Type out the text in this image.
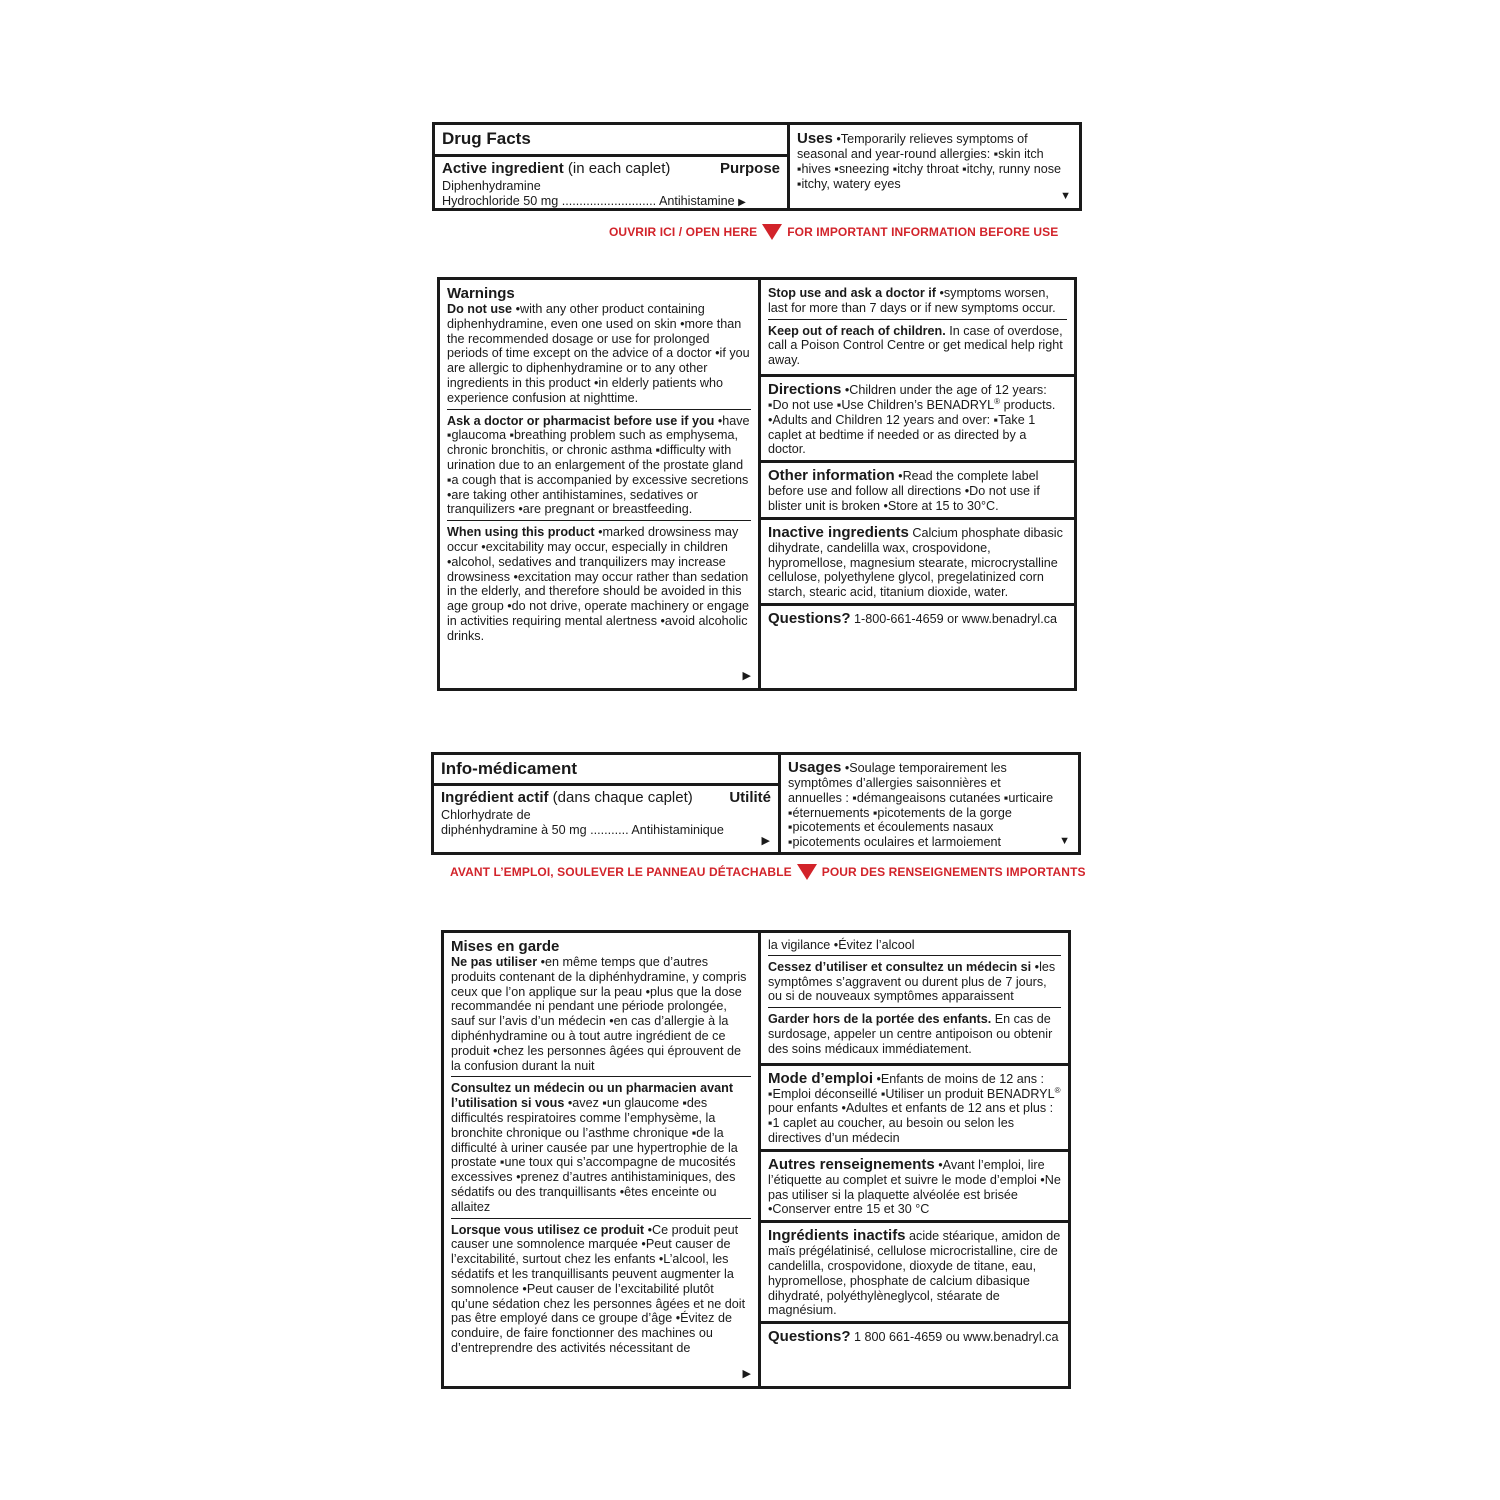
Drug Facts
Active ingredient (in each caplet)	Purpose
Diphenhydramine
Hydrochloride 50 mg ........................... Antihistamine ▶
Uses •Temporarily relieves symptoms of seasonal and year-round allergies: ▪skin itch ▪hives ▪sneezing ▪itchy throat ▪itchy, runny nose ▪itchy, watery eyes
▼
OUVRIR ICI / OPEN HERE	FOR IMPORTANT INFORMATION BEFORE USE
Warnings
Do not use •with any other product containing diphenhydramine, even one used on skin •more than the recommended dosage or use for prolonged periods of time except on the advice of a doctor •if you are allergic to diphenhydramine or to any other ingredients in this product •in elderly patients who experience confusion at nighttime.
Ask a doctor or pharmacist before use if you •have ▪glaucoma ▪breathing problem such as emphysema, chronic bronchitis, or chronic asthma ▪difficulty with urination due to an enlargement of the prostate gland ▪a cough that is accompanied by excessive secretions •are taking other antihistamines, sedatives or tranquilizers •are pregnant or breastfeeding.
When using this product •marked drowsiness may occur •excitability may occur, especially in children •alcohol, sedatives and tranquilizers may increase drowsiness •excitation may occur rather than sedation in the elderly, and therefore should be avoided in this age group •do not drive, operate machinery or engage in activities requiring mental alertness •avoid alcoholic drinks.
▶
Stop use and ask a doctor if •symptoms worsen, last for more than 7 days or if new symptoms occur.
Keep out of reach of children. In case of overdose, call a Poison Control Centre or get medical help right away.
Directions •Children under the age of 12 years: ▪Do not use ▪Use Children’s BENADRYL® products. •Adults and Children 12 years and over: ▪Take 1 caplet at bedtime if needed or as directed by a doctor.
Other information •Read the complete label before use and follow all directions •Do not use if blister unit is broken •Store at 15 to 30°C.
Inactive ingredients Calcium phosphate dibasic dihydrate, candelilla wax, crospovidone, hypromellose, magnesium stearate, microcrystalline cellulose, polyethylene glycol, pregelatinized corn starch, stearic acid, titanium dioxide, water.
Questions? 1-800-661-4659 or www.benadryl.ca
Info-médicament
Ingrédient actif (dans chaque caplet) Utilité
Chlorhydrate de
diphénhydramine à 50 mg ........... Antihistaminique
▶
Usages •Soulage temporairement les symptômes d’allergies saisonnières et annuelles : ▪démangeaisons cutanées ▪urticaire ▪éternuements ▪picotements de la gorge ▪picotements et écoulements nasaux ▪picotements oculaires et larmoiement	▼
AVANT L’EMPLOI, SOULEVER LE PANNEAU DÉTACHABLE	POUR DES RENSEIGNEMENTS IMPORTANTS
Mises en garde
Ne pas utiliser •en même temps que d’autres produits contenant de la diphénhydramine, y compris ceux que l’on applique sur la peau •plus que la dose recommandée ni pendant une période prolongée, sauf sur l’avis d’un médecin •en cas d’allergie à la diphénhydramine ou à tout autre ingrédient de ce produit •chez les personnes âgées qui éprouvent de la confusion durant la nuit
Consultez un médecin ou un pharmacien avant l’utilisation si vous •avez ▪un glaucome ▪des difficultés respiratoires comme l’emphysème, la bronchite chronique ou l’asthme chronique ▪de la difficulté à uriner causée par une hypertrophie de la prostate ▪une toux qui s’accompagne de mucosités excessives •prenez d’autres antihistaminiques, des sédatifs ou des tranquillisants •êtes enceinte ou allaitez
Lorsque vous utilisez ce produit •Ce produit peut causer une somnolence marquée •Peut causer de l’excitabilité, surtout chez les enfants •L’alcool, les sédatifs et les tranquillisants peuvent augmenter la somnolence •Peut causer de l’excitabilité plutôt qu’une sédation chez les personnes âgées et ne doit pas être employé dans ce groupe d’âge •Évitez de conduire, de faire fonctionner des machines ou d’entreprendre des activités nécessitant de
▶
la vigilance •Évitez l’alcool
Cessez d’utiliser et consultez un médecin si •les symptômes s’aggravent ou durent plus de 7 jours, ou si de nouveaux symptômes apparaissent
Garder hors de la portée des enfants. En cas de surdosage, appeler un centre antipoison ou obtenir des soins médicaux immédiatement.
Mode d’emploi •Enfants de moins de 12 ans : ▪Emploi déconseillé ▪Utiliser un produit BENADRYL® pour enfants •Adultes et enfants de 12 ans et plus : ▪1 caplet au coucher, au besoin ou selon les directives d’un médecin
Autres renseignements •Avant l’emploi, lire l’étiquette au complet et suivre le mode d’emploi •Ne pas utiliser si la plaquette alvéolée est brisée •Conserver entre 15 et 30 °C
Ingrédients inactifs acide stéarique, amidon de maïs prégélatinisé, cellulose microcristalline, cire de candelilla, crospovidone, dioxyde de titane, eau, hypromellose, phosphate de calcium dibasique dihydraté, polyéthylèneglycol, stéarate de magnésium.
Questions? 1 800 661-4659 ou www.benadryl.ca
